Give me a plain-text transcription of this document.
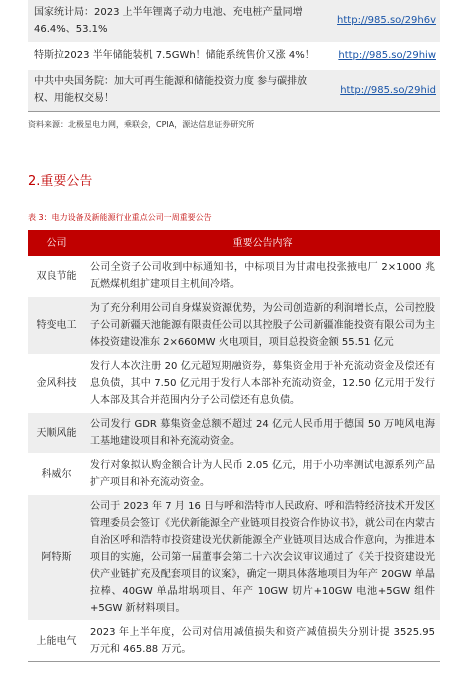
国家统计局：2023 上半年锂离子动力电池、充电桩产量同增46.4%、53.1%	http://985.so/29h6v
特斯拉2023 半年储能装机 7.5GWh！储能系统售价又涨 4%！	http://985.so/29hiw
中共中央国务院：加大可再生能源和储能投资力度 参与碳排放权、用能权交易！	http://985.so/29hid
资料来源：北极星电力网，乘联会，CPIA，源达信息证券研究所
2.重要公告
表 3：电力设备及新能源行业重点公司一周重要公告
公司	重要公告内容
双良节能	公司全资子公司收到中标通知书，中标项目为甘肃电投张掖电厂 2×1000 兆瓦燃煤机组扩建项目主机间冷塔。
特变电工	为了充分利用公司自身煤炭资源优势，为公司创造新的利润增长点，公司控股子公司新疆天池能源有限责任公司以其控股子公司新疆准能投资有限公司为主体投资建设准东 2×660MW 火电项目，项目总投资金额 55.51 亿元
金风科技	发行人本次注册 20 亿元超短期融资券，募集资金用于补充流动资金及偿还有息负债，其中 7.50 亿元用于发行人本部补充流动资金，12.50 亿元用于发行人本部及其合并范围内分子公司偿还有息负债。
天顺风能	公司发行 GDR 募集资金总额不超过 24 亿元人民币用于德国 50 万吨风电海工基地建设项目和补充流动资金。
科威尔	发行对象拟认购金额合计为人民币 2.05 亿元，用于小功率测试电源系列产品扩产项目和补充流动资金。
阿特斯	公司于 2023 年 7 月 16 日与呼和浩特市人民政府、呼和浩特经济技术开发区管理委员会签订《光伏新能源全产业链项目投资合作协议书》，就公司在内蒙古自治区呼和浩特市投资建设光伏新能源全产业链项目达成合作意向，为推进本项目的实施，公司第一届董事会第二十六次会议审议通过了《关于投资建设光伏产业链扩充及配套项目的议案》，确定一期具体落地项目为年产 20GW 单晶拉棒、40GW 单晶坩埚项目、年产 10GW 切片+10GW 电池+5GW 组件+5GW 新材料项目。
上能电气	2023 年上半年度，公司对信用减值损失和资产减值损失分别计提 3525.95 万元和 465.88 万元。
